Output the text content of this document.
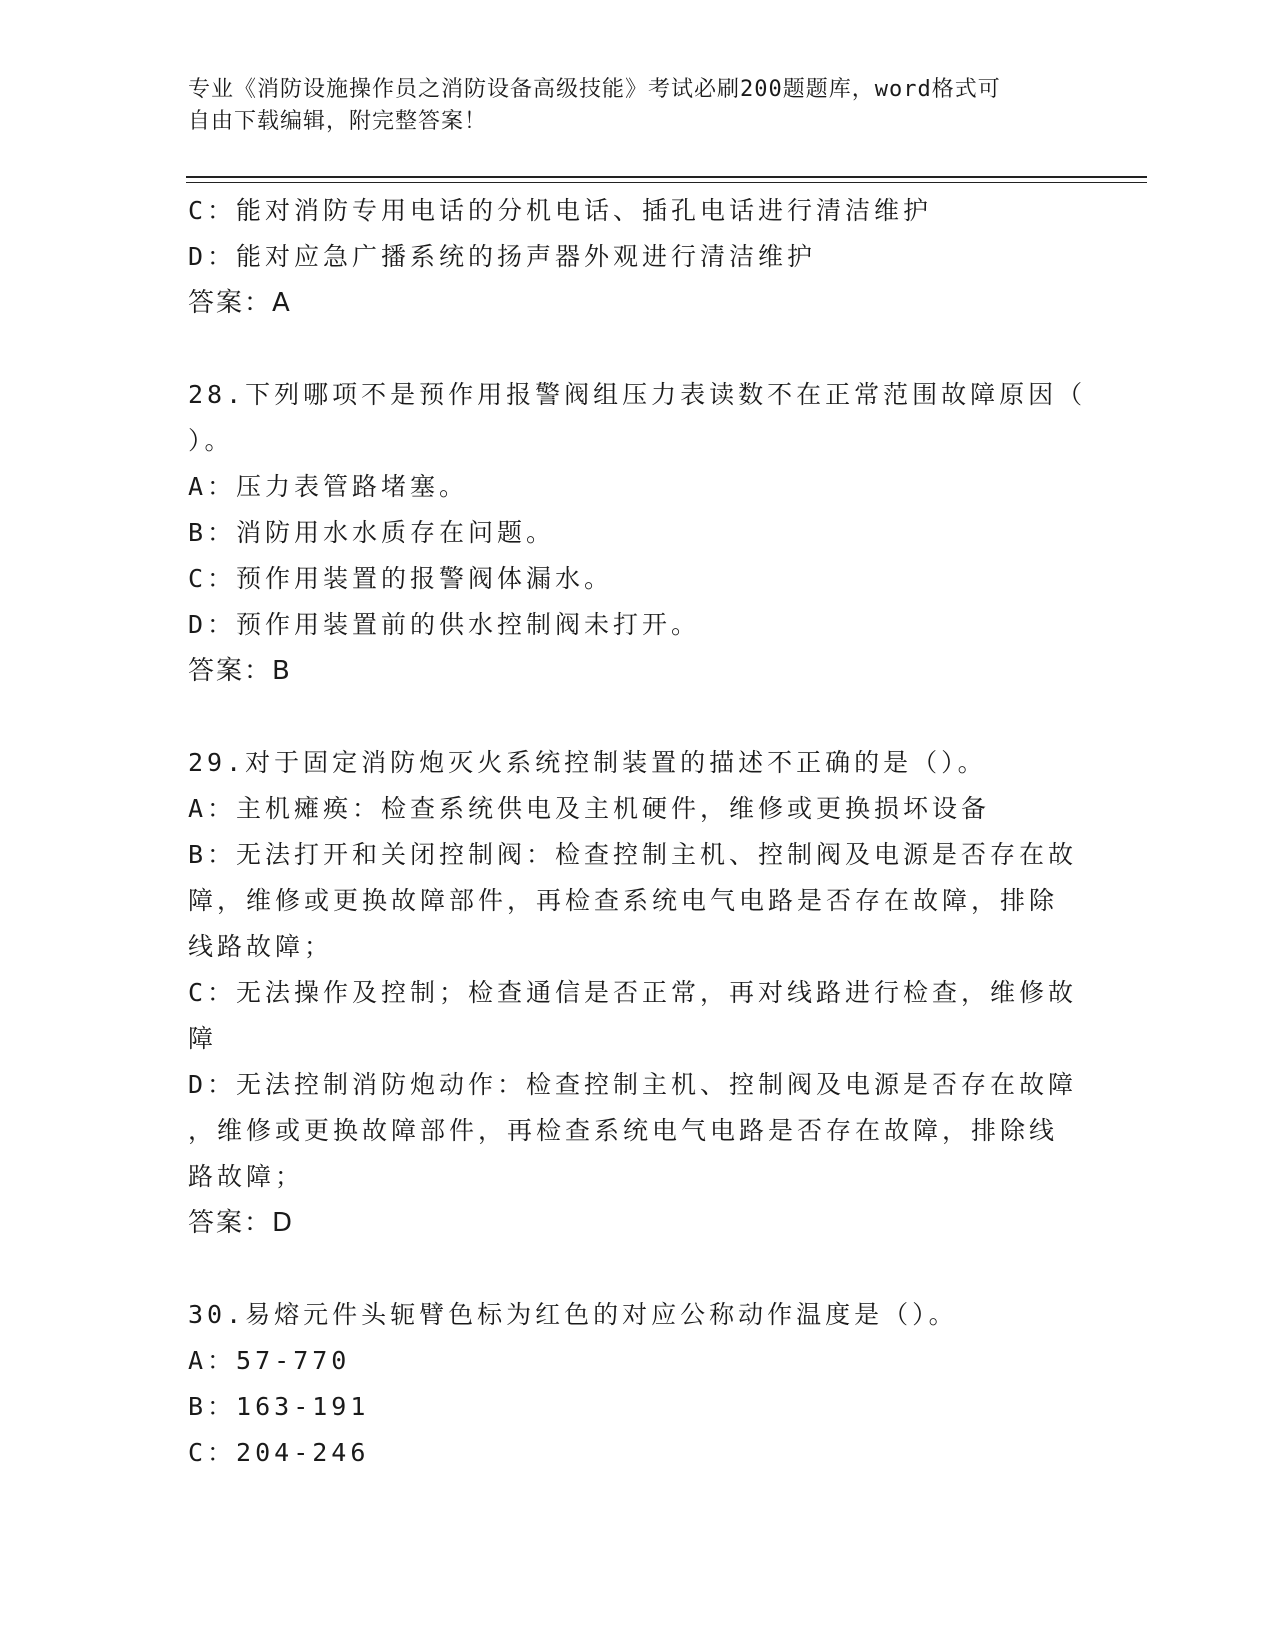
专业《消防设施操作员之消防设备高级技能》考试必刷200题题库，word格式可
自由下载编辑，附完整答案！
C：能对消防专用电话的分机电话、插孔电话进行清洁维护
D：能对应急广播系统的扬声器外观进行清洁维护
答案：A
28.下列哪项不是预作用报警阀组压力表读数不在正常范围故障原因（
）。
A：压力表管路堵塞。
B：消防用水水质存在问题。
C：预作用装置的报警阀体漏水。
D：预作用装置前的供水控制阀未打开。
答案：B
29.对于固定消防炮灭火系统控制装置的描述不正确的是（）。
A：主机瘫痪：检查系统供电及主机硬件，维修或更换损坏设备
B：无法打开和关闭控制阀：检查控制主机、控制阀及电源是否存在故
障，维修或更换故障部件，再检查系统电气电路是否存在故障，排除
线路故障；
C：无法操作及控制；检查通信是否正常，再对线路进行检查，维修故
障
D：无法控制消防炮动作：检查控制主机、控制阀及电源是否存在故障
，维修或更换故障部件，再检查系统电气电路是否存在故障，排除线
路故障；
答案：D
30.易熔元件头轭臂色标为红色的对应公称动作温度是（）。
A：57-770
B：163-191
C：204-246
